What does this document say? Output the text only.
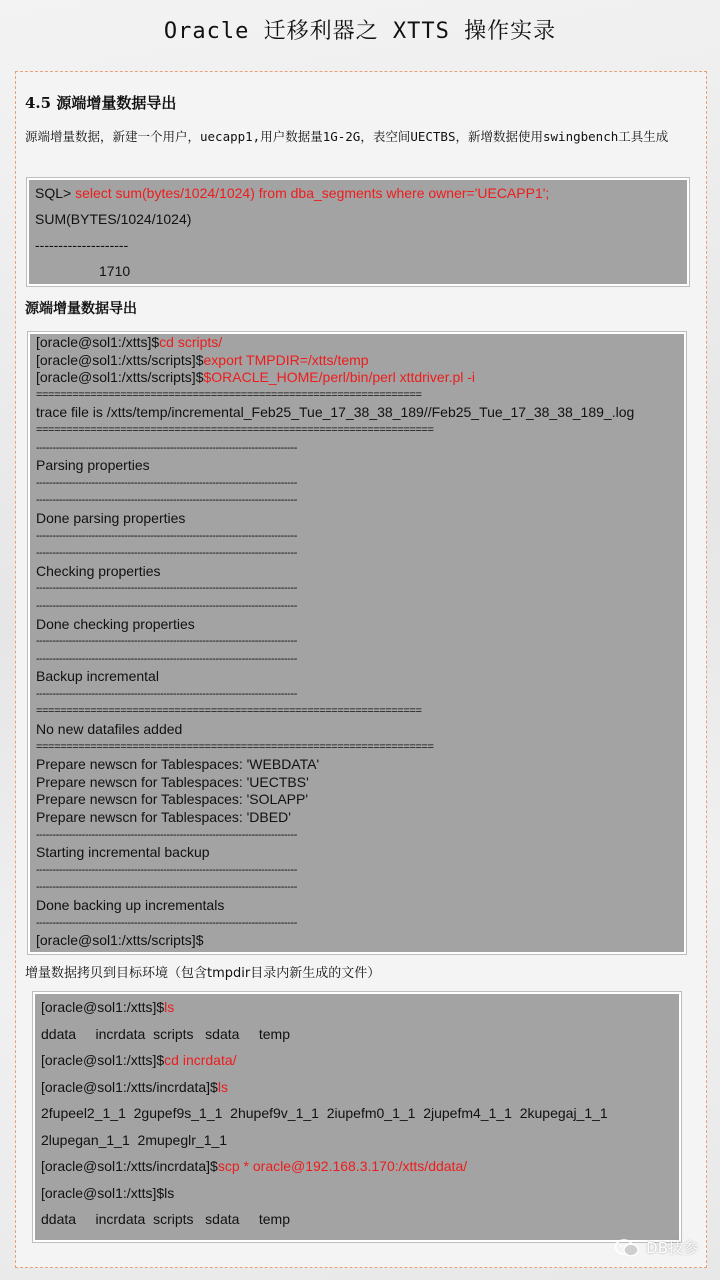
Oracle 迁移利器之 XTTS 操作实录
4.5 源端增量数据导出
源端增量数据，新建一个用户，uecapp1,用户数据量1G-2G，表空间UECTBS，新增数据使用swingbench工具生成
SQL> select sum(bytes/1024/1024) from dba_segments where owner='UECAPP1';
SUM(BYTES/1024/1024)
--------------------
1710
源端增量数据导出
[oracle@sol1:/xtts]$cd scripts/
[oracle@sol1:/xtts/scripts]$export TMPDIR=/xtts/temp
[oracle@sol1:/xtts/scripts]$$ORACLE_HOME/perl/bin/perl xttdriver.pl -i
================================================================
trace file is /xtts/temp/incremental_Feb25_Tue_17_38_38_189//Feb25_Tue_17_38_38_189_.log
==================================================================
--------------------------------------------------------------------------------
Parsing properties
--------------------------------------------------------------------------------
--------------------------------------------------------------------------------
Done parsing properties
--------------------------------------------------------------------------------
--------------------------------------------------------------------------------
Checking properties
--------------------------------------------------------------------------------
--------------------------------------------------------------------------------
Done checking properties
--------------------------------------------------------------------------------
--------------------------------------------------------------------------------
Backup incremental
--------------------------------------------------------------------------------
================================================================
No new datafiles added
==================================================================
Prepare newscn for Tablespaces: 'WEBDATA'
Prepare newscn for Tablespaces: 'UECTBS'
Prepare newscn for Tablespaces: 'SOLAPP'
Prepare newscn for Tablespaces: 'DBED'
--------------------------------------------------------------------------------
Starting incremental backup
--------------------------------------------------------------------------------
--------------------------------------------------------------------------------
Done backing up incrementals
--------------------------------------------------------------------------------
[oracle@sol1:/xtts/scripts]$
增量数据拷贝到目标环境（包含tmpdir目录内新生成的文件）
[oracle@sol1:/xtts]$ls
ddata     incrdata  scripts   sdata     temp
[oracle@sol1:/xtts]$cd incrdata/
[oracle@sol1:/xtts/incrdata]$ls
2fupeel2_1_1  2gupef9s_1_1  2hupef9v_1_1  2iupefm0_1_1  2jupefm4_1_1  2kupegaj_1_1
2lupegan_1_1  2mupeglr_1_1
[oracle@sol1:/xtts/incrdata]$scp * oracle@192.168.3.170:/xtts/ddata/
[oracle@sol1:/xtts]$ls
ddata     incrdata  scripts   sdata     temp
DB技参
